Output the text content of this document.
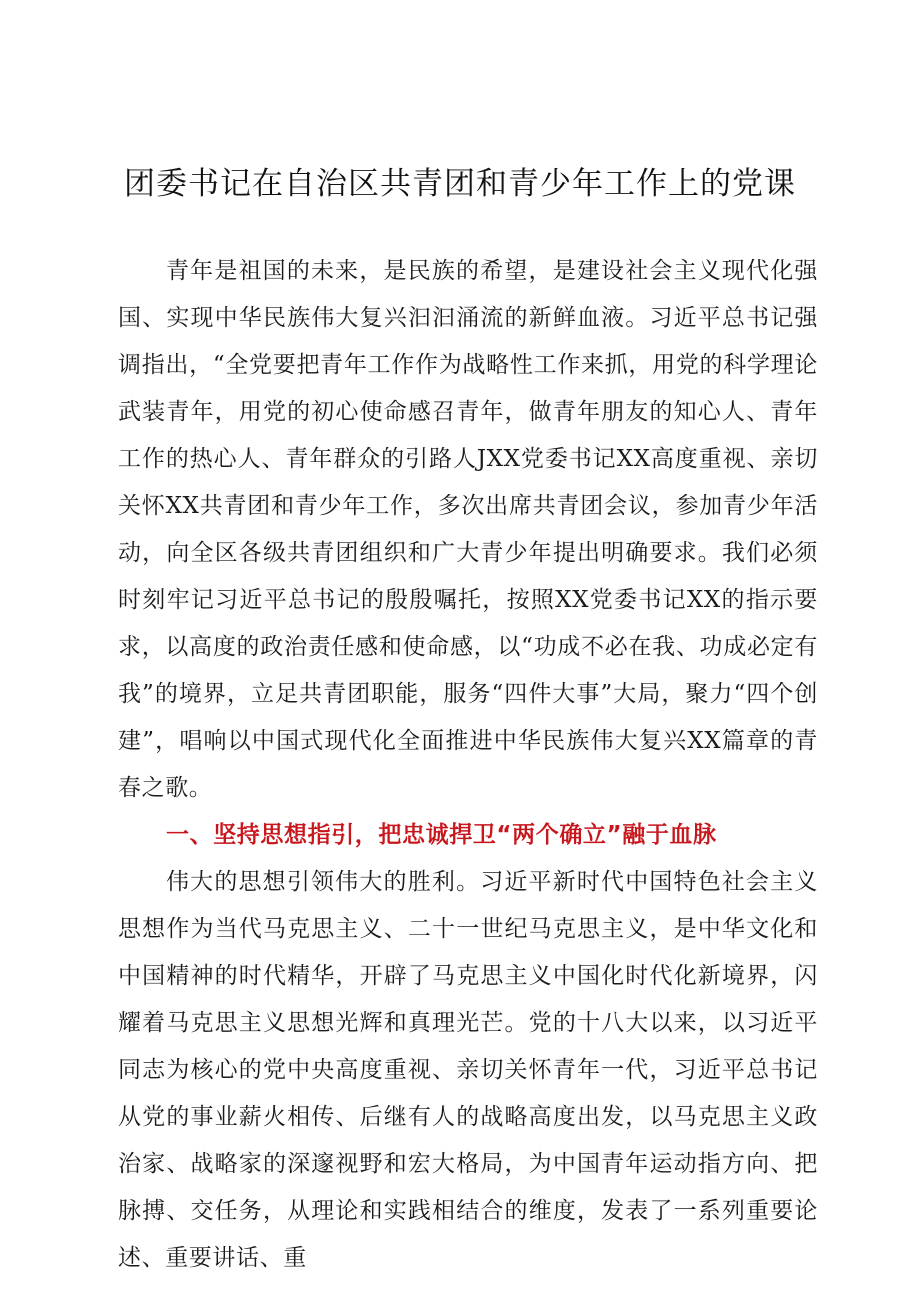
团委书记在自治区共青团和青少年工作上的党课

青年是祖国的未来，是民族的希望，是建设社会主义现代化强国、实现中华民族伟大复兴汩汩涌流的新鲜血液。习近平总书记强调指出，“全党要把青年工作作为战略性工作来抓，用党的科学理论武装青年，用党的初心使命感召青年，做青年朋友的知心人、青年工作的热心人、青年群众的引路人JXX党委书记XX高度重视、亲切关怀XX共青团和青少年工作，多次出席共青团会议，参加青少年活动，向全区各级共青团组织和广大青少年提出明确要求。我们必须时刻牢记习近平总书记的殷殷嘱托，按照XX党委书记XX的指示要求，以高度的政治责任感和使命感，以“功成不必在我、功成必定有我”的境界，立足共青团职能，服务“四件大事”大局，聚力“四个创建”，唱响以中国式现代化全面推进中华民族伟大复兴XX篇章的青春之歌。

一、坚持思想指引，把忠诚捍卫“两个确立”融于血脉

伟大的思想引领伟大的胜利。习近平新时代中国特色社会主义思想作为当代马克思主义、二十一世纪马克思主义，是中华文化和中国精神的时代精华，开辟了马克思主义中国化时代化新境界，闪耀着马克思主义思想光辉和真理光芒。党的十八大以来，以习近平同志为核心的党中央高度重视、亲切关怀青年一代，习近平总书记从党的事业薪火相传、后继有人的战略高度出发，以马克思主义政治家、战略家的深邃视野和宏大格局，为中国青年运动指方向、把脉搏、交任务，从理论和实践相结合的维度，发表了一系列重要论述、重要讲话、重
